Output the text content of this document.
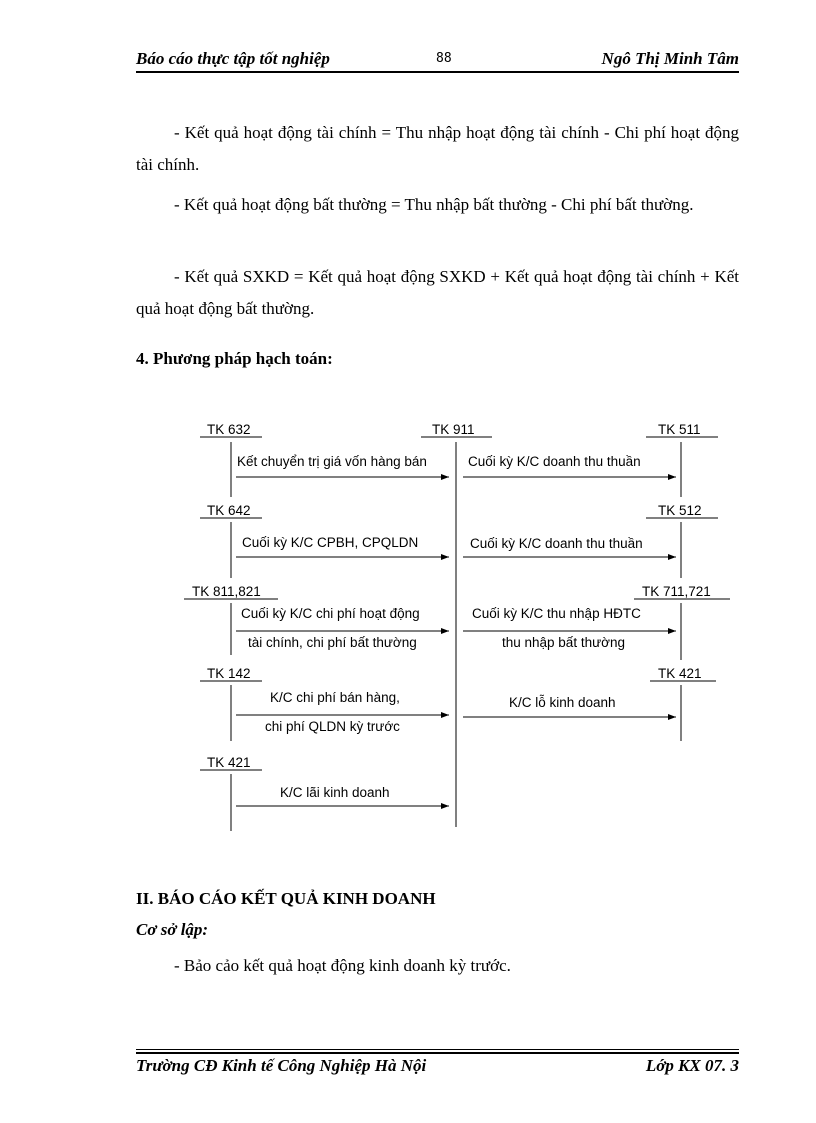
Báo cáo thực tập tốt nghiệp	88	Ngô Thị Minh Tâm
- Kết quả hoạt động tài chính = Thu nhập hoạt động tài chính - Chi phí hoạt động tài chính.
- Kết quả hoạt động bất thường = Thu nhập bất thường - Chi phí bất thường.
- Kết quả SXKD = Kết quả hoạt động SXKD + Kết quả hoạt động tài chính + Kết quả hoạt động bất thường.
4. Phương pháp hạch toán:
TK 632	TK 911	TK 511
TK 642	TK 512
TK 811,821	TK 711,721
TK 142	TK 421
TK 421
Kết chuyển trị giá vốn hàng bán
Cuối kỳ K/C CPBH, CPQLDN
Cuối kỳ K/C chi phí hoạt động
tài chính, chi phí bất thường
K/C chi phí bán hàng,
chi phí QLDN kỳ trước
K/C lãi kinh doanh
Cuối kỳ K/C doanh thu thuần
Cuối kỳ K/C doanh thu thuần
Cuối kỳ K/C thu nhập HĐTC
thu nhập bất thường
K/C lỗ kinh doanh
II. BÁO CÁO KẾT QUẢ KINH DOANH
Cơ sở lập:
- Bảo cảo kết quả hoạt động kinh doanh kỳ trước.
Trường CĐ Kinh tế Công Nghiệp Hà Nội	Lớp KX 07. 3
